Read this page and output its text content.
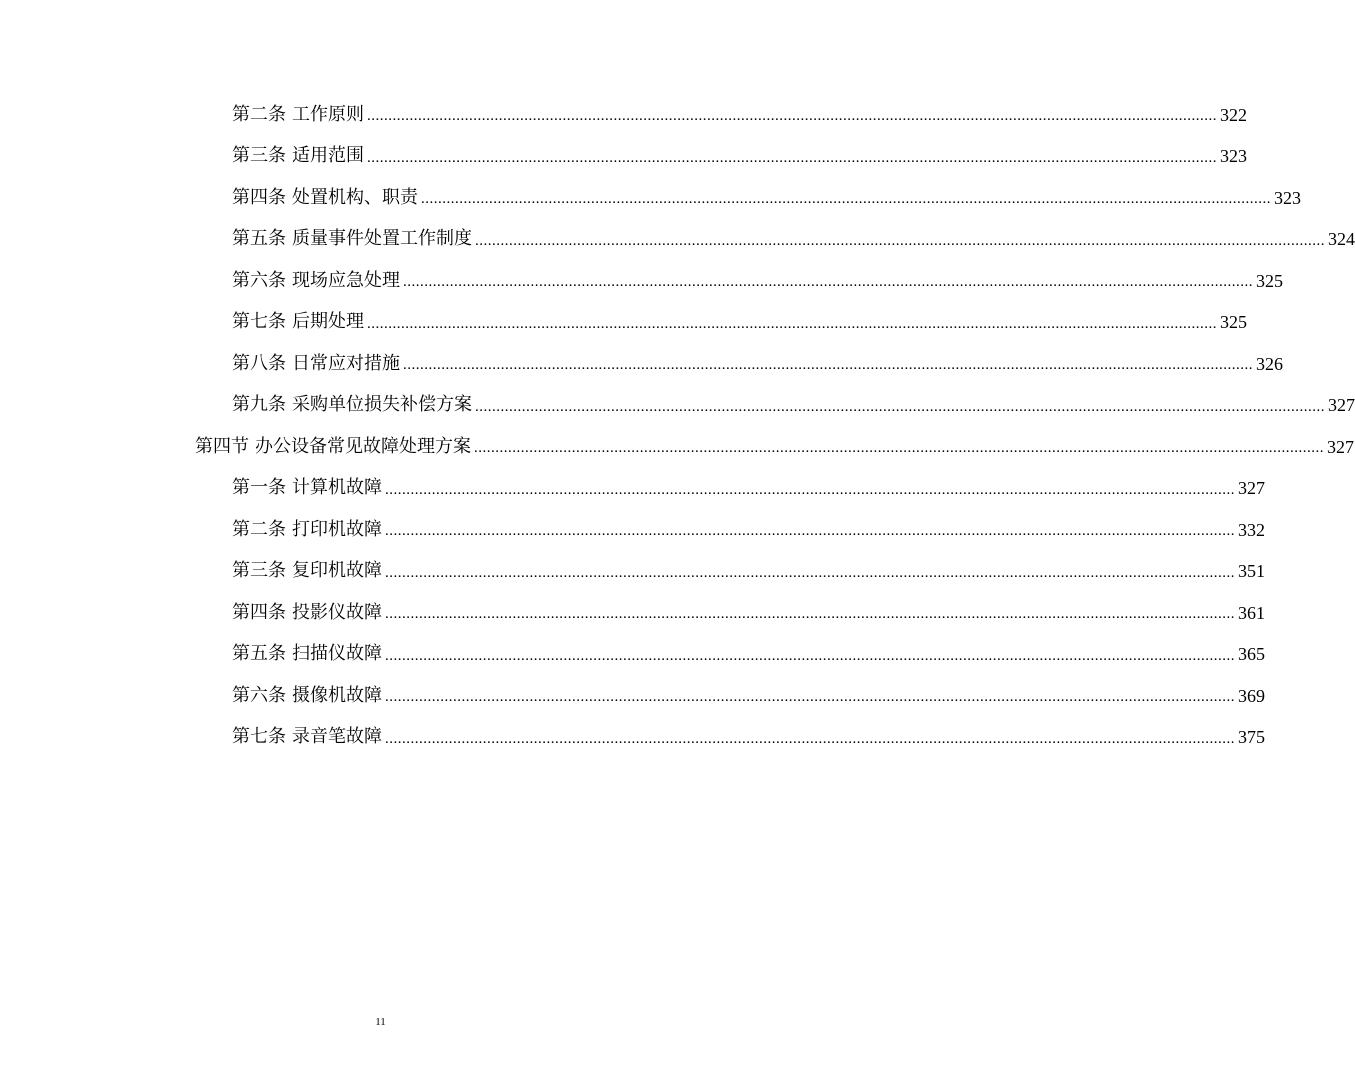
第二条 工作原则 ........................................................................................................................................................................................................ 322
第三条 适用范围 ........................................................................................................................................................................................................ 323
第四条 处置机构、职责 ........................................................................................................................................................................................................ 323
第五条 质量事件处置工作制度 ........................................................................................................................................................................................................ 324
第六条 现场应急处理 ........................................................................................................................................................................................................ 325
第七条 后期处理 ........................................................................................................................................................................................................ 325
第八条 日常应对措施 ........................................................................................................................................................................................................ 326
第九条 采购单位损失补偿方案 ........................................................................................................................................................................................................ 327
第四节 办公设备常见故障处理方案 ........................................................................................................................................................................................................ 327
第一条 计算机故障 ........................................................................................................................................................................................................ 327
第二条 打印机故障 ........................................................................................................................................................................................................ 332
第三条 复印机故障 ........................................................................................................................................................................................................ 351
第四条 投影仪故障 ........................................................................................................................................................................................................ 361
第五条 扫描仪故障 ........................................................................................................................................................................................................ 365
第六条 摄像机故障 ........................................................................................................................................................................................................ 369
第七条 录音笔故障 ........................................................................................................................................................................................................ 375
11
